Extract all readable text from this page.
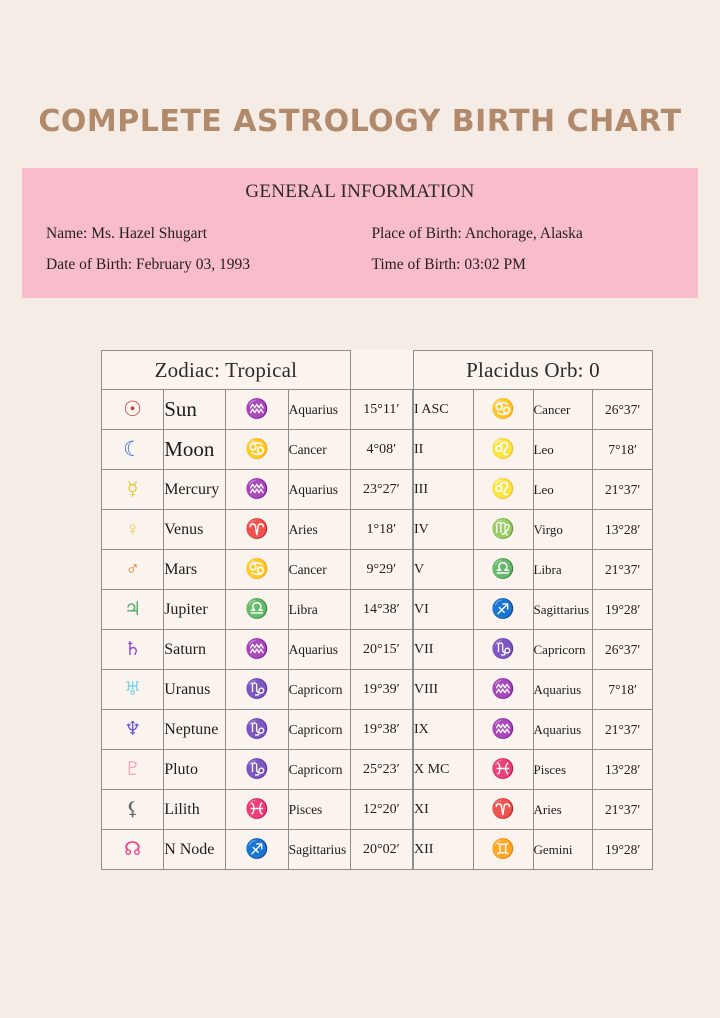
COMPLETE ASTROLOGY BIRTH CHART
GENERAL INFORMATION
Name: Ms. Hazel Shugart	Place of Birth: Anchorage, Alaska
Date of Birth: February 03, 1993	Time of Birth: 03:02 PM
Zodiac: Tropical				
☉	Sun	♒	Aquarius	15°11′
☾	Moon	♋	Cancer	4°08′
☿	Mercury	♒	Aquarius	23°27′
♀	Venus	♈	Aries	1°18′
♂	Mars	♋	Cancer	9°29′
♃	Jupiter	♎	Libra	14°38′
♄	Saturn	♒	Aquarius	20°15′
♅	Uranus	♑	Capricorn	19°39′
♆	Neptune	♑	Capricorn	19°38′
♇	Pluto	♑	Capricorn	25°23′
⚸	Lilith	♓	Pisces	12°20′
☊	N Node	♐	Sagittarius	20°02′
Placidus Orb: 0			
I ASC	♋	Cancer	26°37′
II	♌	Leo	7°18′
III	♌	Leo	21°37′
IV	♍	Virgo	13°28′
V	♎	Libra	21°37′
VI	♐	Sagittarius	19°28′
VII	♑	Capricorn	26°37′
VIII	♒	Aquarius	7°18′
IX	♒	Aquarius	21°37′
X MC	♓	Pisces	13°28′
XI	♈	Aries	21°37′
XII	♊	Gemini	19°28′
